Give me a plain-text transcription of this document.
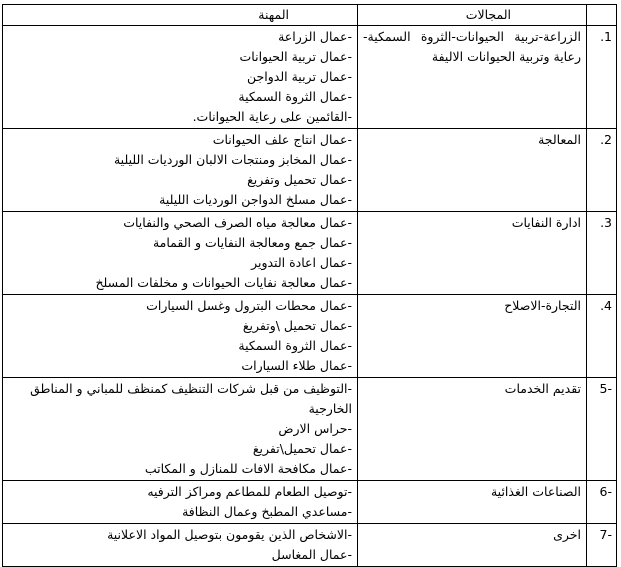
	المجالات	المهنة
1.	الزراعة-تربية الحيوانات-الثروة السمكية- رعاية وتربية الحيوانات الاليفة	-عمال الزراعة
-عمال تربية الحيوانات
-عمال تربية الدواجن
-عمال الثروة السمكية
-القائمين على رعاية الحيوانات.

2.	المعالجة	-عمال انتاج علف الحيوانات
-عمال المخابز ومنتجات الالبان الورديات الليلية
-عمال تحميل وتفريغ
-عمال مسلخ الدواجن الورديات الليلية

3.	ادارة النفايات	-عمال معالجة مياه الصرف الصحي والنفايات
-عمال جمع ومعالجة النفايات و القمامة
-عمال اعادة التدوير
-عمال معالجة نفايات الحيوانات و مخلفات المسلخ

4.	التجارة-الاصلاح	-عمال محطات البترول وغسل السيارات
-عمال تحميل \وتفريغ
-عمال الثروة السمكية
-عمال طلاء السيارات

-5	تقديم الخدمات	-التوظيف من قبل شركات التنظيف كمنظف للمباني و المناطق الخارجية
-حراس الارض
-عمال تحميل\تفريغ
-عمال مكافحة الافات للمنازل و المكاتب

-6	الصناعات الغذائية	-توصيل الطعام للمطاعم ومراكز الترفيه
-مساعدي المطبخ وعمال النظافة

-7	اخرى	-الاشخاص الذين يقومون بتوصيل المواد الاعلانية
-عمال المغاسل
